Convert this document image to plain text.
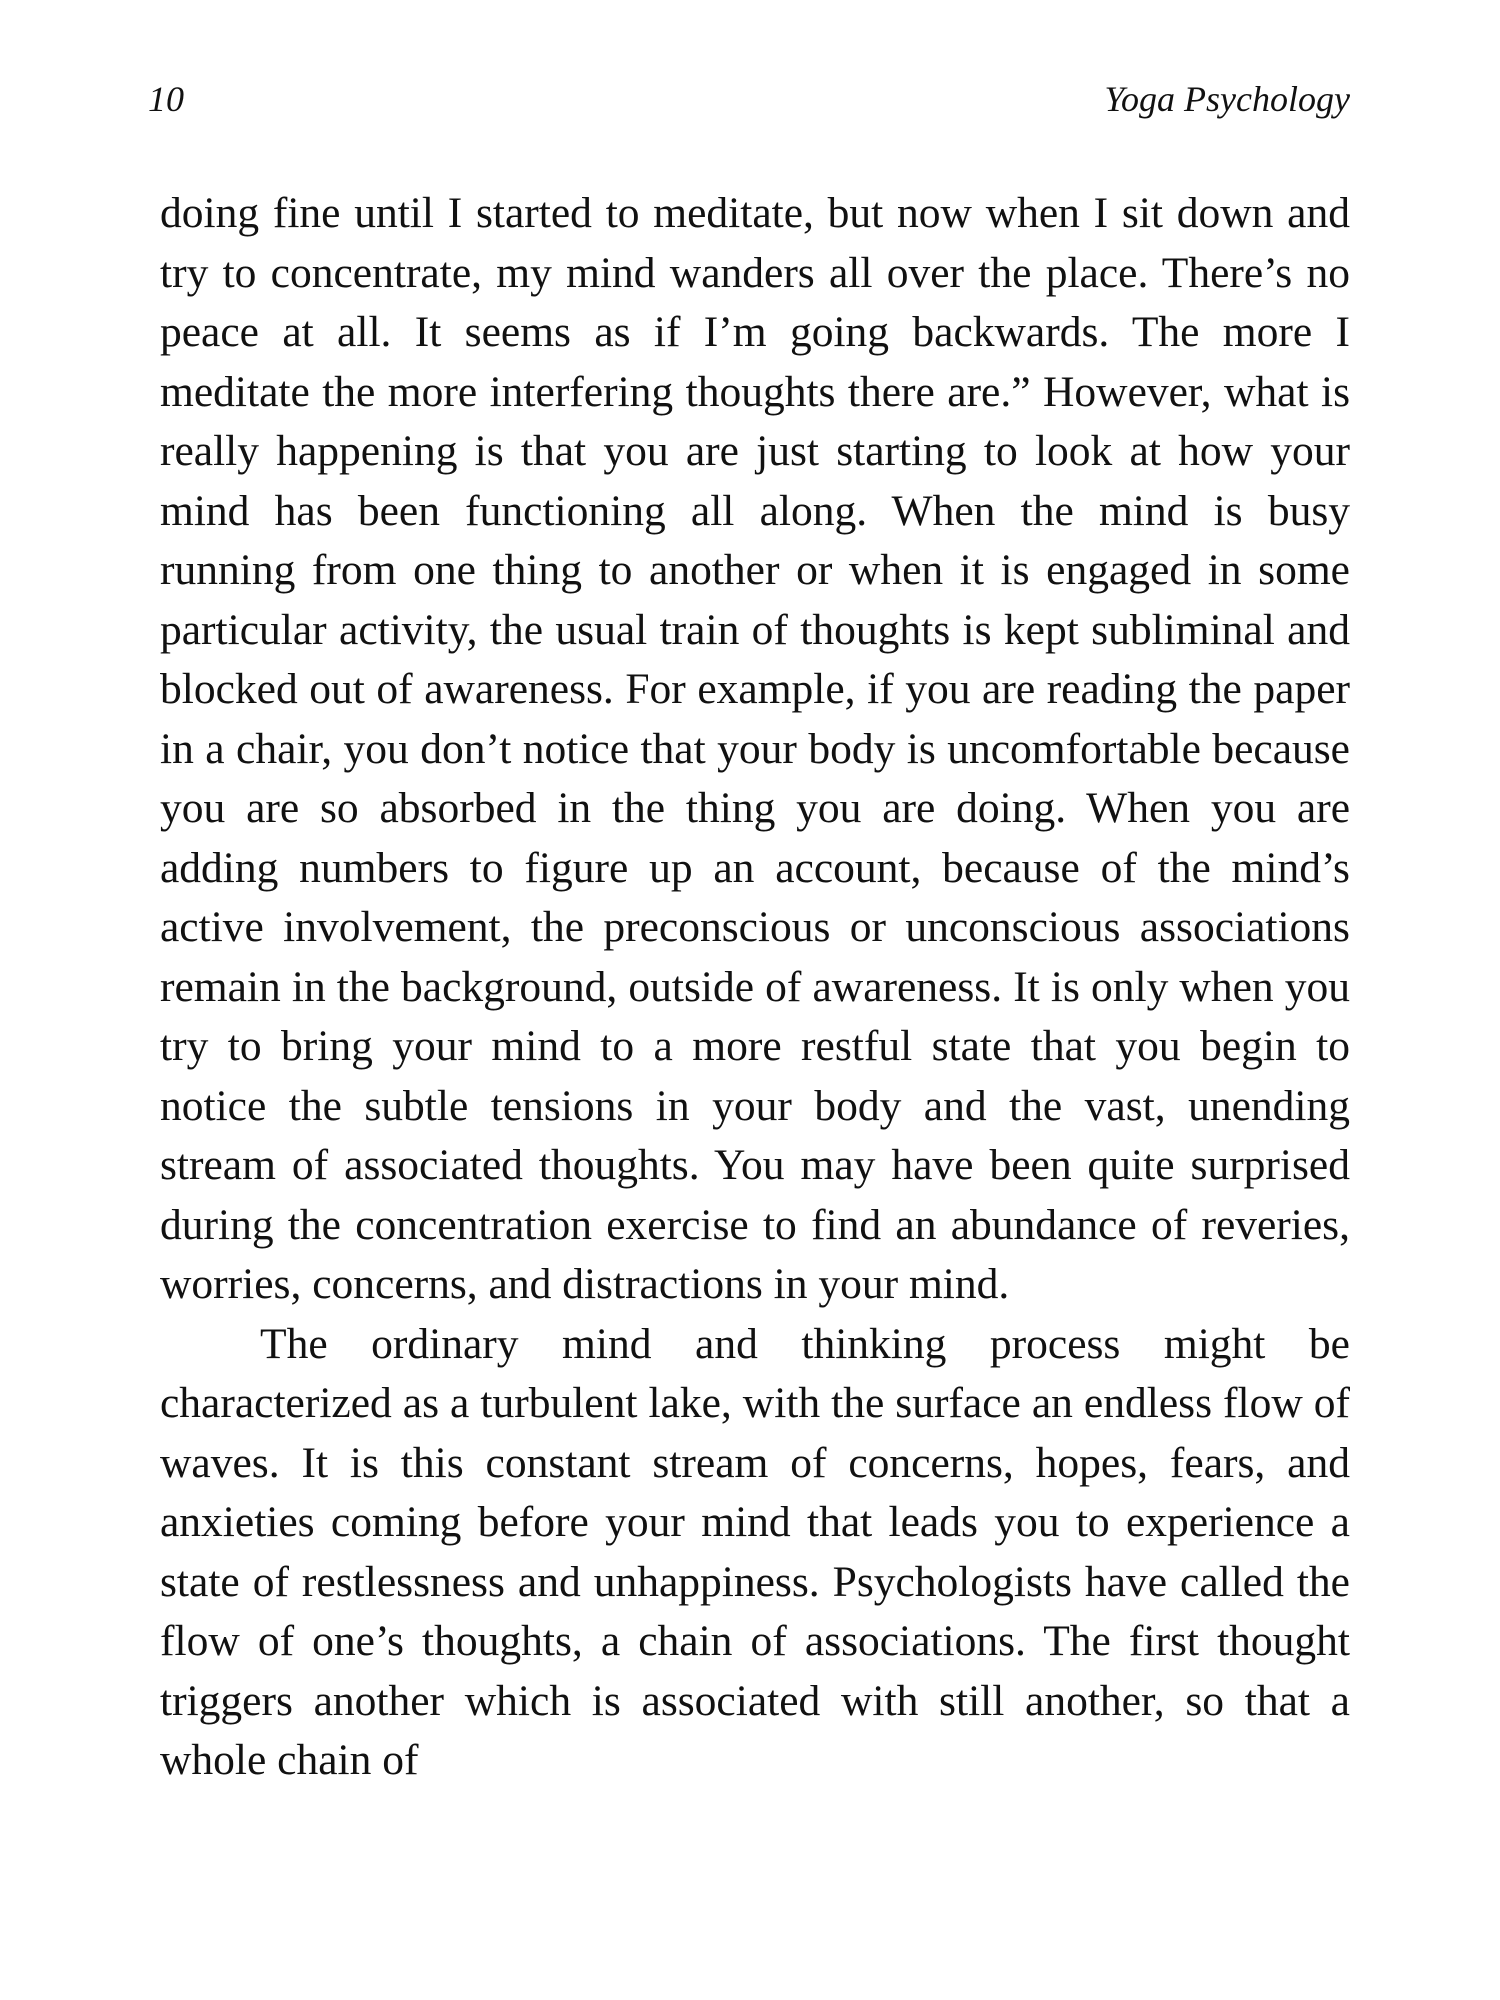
10	Yoga Psychology

doing fine until I started to meditate, but now when I sit down and try to concentrate, my mind wanders all over the place. There’s no peace at all. It seems as if I’m going backwards. The more I meditate the more interfering thoughts there are.” However, what is really happening is that you are just starting to look at how your mind has been functioning all along. When the mind is busy running from one thing to another or when it is engaged in some particular activity, the usual train of thoughts is kept subliminal and blocked out of awareness. For example, if you are reading the paper in a chair, you don’t notice that your body is uncomfortable because you are so absorbed in the thing you are doing. When you are adding numbers to figure up an account, because of the mind’s active involvement, the preconscious or unconscious associations remain in the background, outside of awareness. It is only when you try to bring your mind to a more restful state that you begin to notice the subtle tensions in your body and the vast, unending stream of associated thoughts. You may have been quite surprised during the concentration exercise to find an abundance of reveries, worries, concerns, and distractions in your mind.

The ordinary mind and thinking process might be characterized as a turbulent lake, with the surface an endless flow of waves. It is this constant stream of concerns, hopes, fears, and anxieties coming before your mind that leads you to experience a state of restlessness and unhappiness. Psychologists have called the flow of one’s thoughts, a chain of associations. The first thought triggers another which is associated with still another, so that a whole chain of
